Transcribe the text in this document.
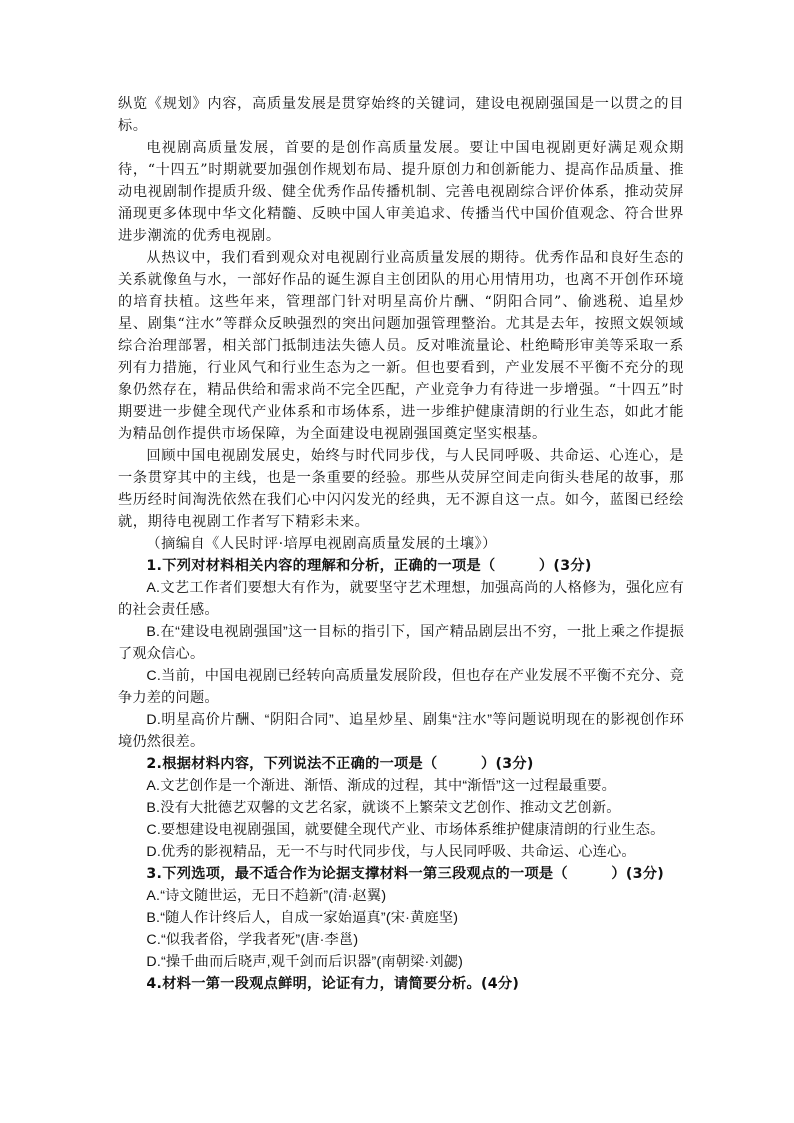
纵览《规划》内容，高质量发展是贯穿始终的关键词，建设电视剧强国是一以贯之的目标。

电视剧高质量发展，首要的是创作高质量发展。要让中国电视剧更好满足观众期待，“十四五”时期就要加强创作规划布局、提升原创力和创新能力、提高作品质量、推动电视剧制作提质升级、健全优秀作品传播机制、完善电视剧综合评价体系，推动荧屏涌现更多体现中华文化精髓、反映中国人审美追求、传播当代中国价值观念、符合世界进步潮流的优秀电视剧。

从热议中，我们看到观众对电视剧行业高质量发展的期待。优秀作品和良好生态的关系就像鱼与水，一部好作品的诞生源自主创团队的用心用情用功，也离不开创作环境的培育扶植。这些年来，管理部门针对明星高价片酬、“阴阳合同”、偷逃税、追星炒星、剧集“注水”等群众反映强烈的突出问题加强管理整治。尤其是去年，按照文娱领域综合治理部署，相关部门抵制违法失德人员。反对唯流量论、杜绝畸形审美等采取一系列有力措施，行业风气和行业生态为之一新。但也要看到，产业发展不平衡不充分的现象仍然存在，精品供给和需求尚不完全匹配，产业竞争力有待进一步增强。“十四五”时期要进一步健全现代产业体系和市场体系，进一步维护健康清朗的行业生态，如此才能为精品创作提供市场保障，为全面建设电视剧强国奠定坚实根基。

回顾中国电视剧发展史，始终与时代同步伐，与人民同呼吸、共命运、心连心，是一条贯穿其中的主线，也是一条重要的经验。那些从荧屏空间走向街头巷尾的故事，那些历经时间淘洗依然在我们心中闪闪发光的经典，无不源自这一点。如今，蓝图已经绘就，期待电视剧工作者写下精彩未来。

（摘编自《人民时评·培厚电视剧高质量发展的土壤》）

1.下列对材料相关内容的理解和分析，正确的一项是（　　　）(3分)

A.文艺工作者们要想大有作为，就要坚守艺术理想，加强高尚的人格修为，强化应有的社会责任感。

B.在“建设电视剧强国”这一目标的指引下，国产精品剧层出不穷，一批上乘之作提振了观众信心。

C.当前，中国电视剧已经转向高质量发展阶段，但也存在产业发展不平衡不充分、竞争力差的问题。

D.明星高价片酬、“阴阳合同”、追星炒星、剧集“注水”等问题说明现在的影视创作环境仍然很差。

2.根据材料内容，下列说法不正确的一项是（　　　）(3分)

A.文艺创作是一个渐进、渐悟、渐成的过程，其中“渐悟”这一过程最重要。

B.没有大批德艺双馨的文艺名家，就谈不上繁荣文艺创作、推动文艺创新。

C.要想建设电视剧强国，就要健全现代产业、市场体系维护健康清朗的行业生态。

D.优秀的影视精品，无一不与时代同步伐，与人民同呼吸、共命运、心连心。

3.下列选项，最不适合作为论据支撑材料一第三段观点的一项是（　　　）(3分)

A.“诗文随世运，无日不趋新”(清·赵翼)

B.“随人作计终后人，自成一家始逼真”(宋·黄庭坚)

C.“似我者俗，学我者死”(唐·李邕)

D.“操千曲而后晓声,观千剑而后识器”(南朝梁·刘勰)

4.材料一第一段观点鲜明，论证有力，请简要分析。(4分)
